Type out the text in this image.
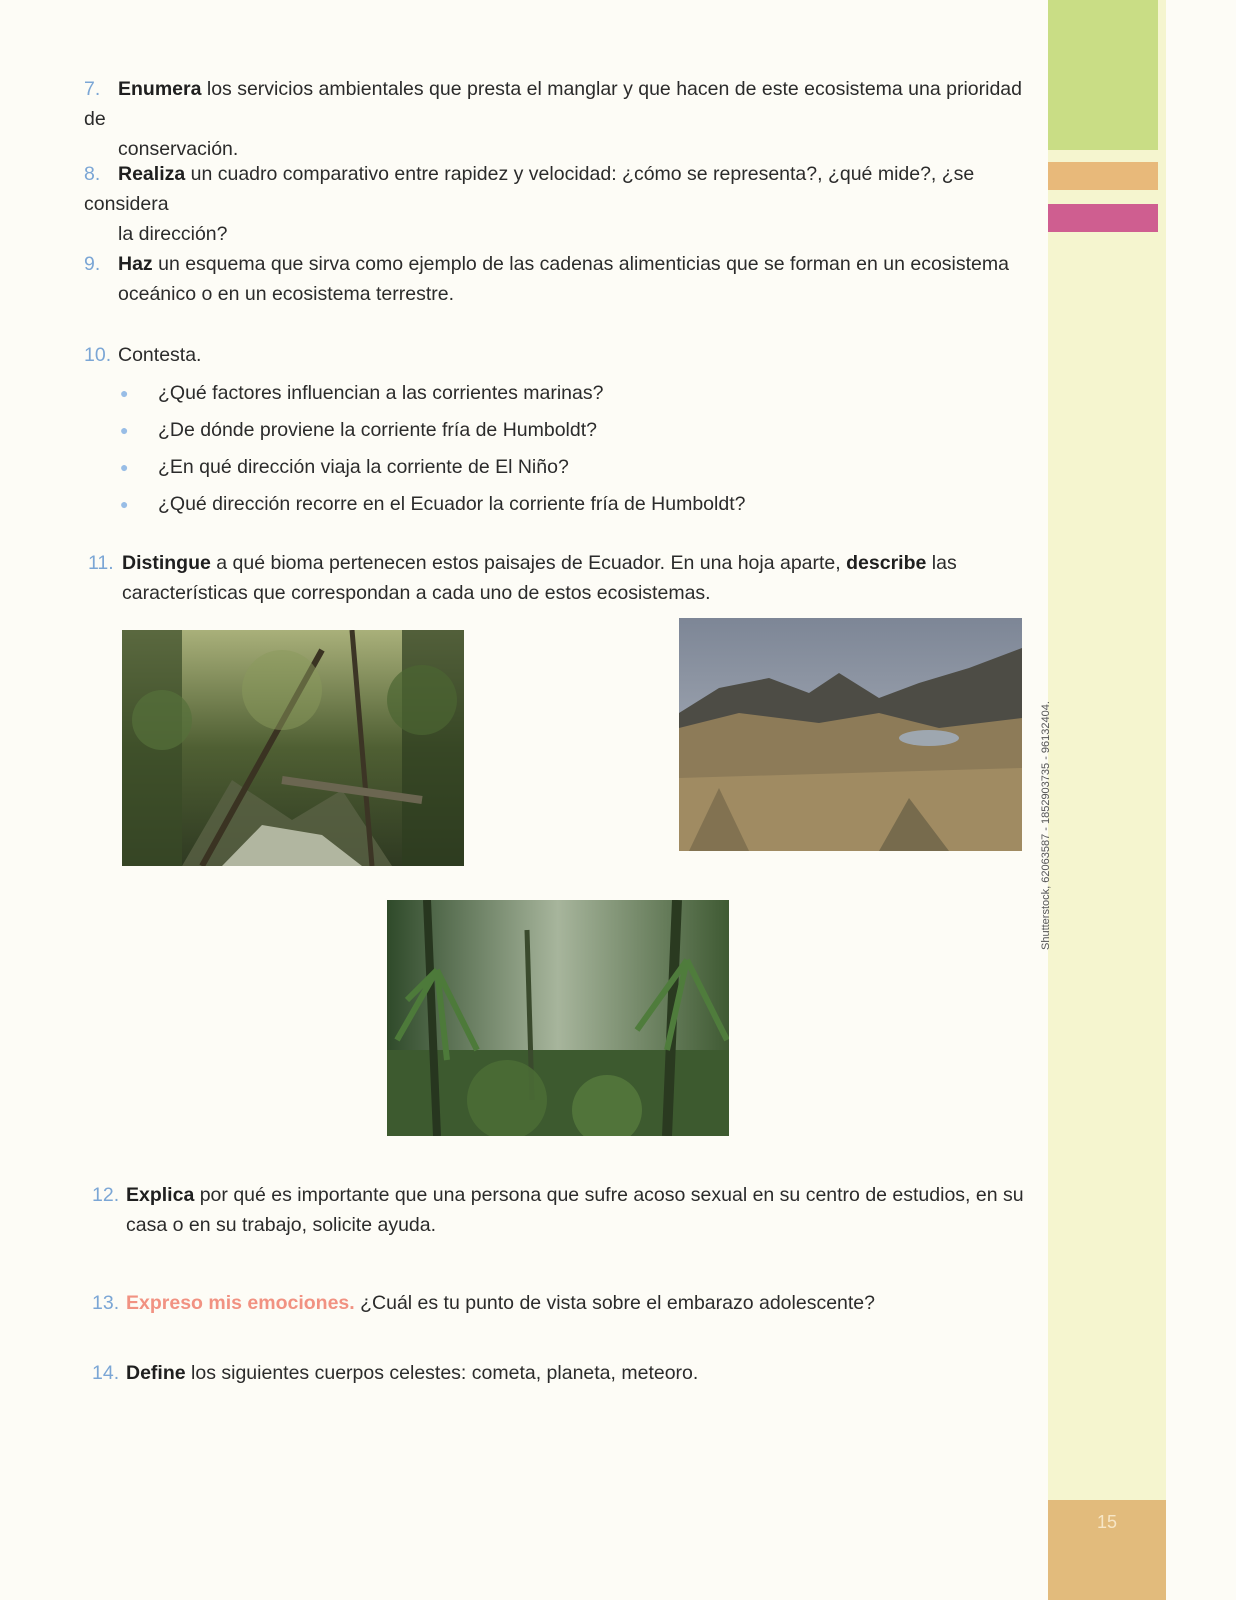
15
7. Enumera los servicios ambientales que presta el manglar y que hacen de este ecosistema una prioridad de
conservación.
8. Realiza un cuadro comparativo entre rapidez y velocidad: ¿cómo se representa?, ¿qué mide?, ¿se considera
la dirección?
9. Haz un esquema que sirva como ejemplo de las cadenas alimenticias que se forman en un ecosistema
oceánico o en un ecosistema terrestre.
10. Contesta.
●	¿Qué factores influencian a las corrientes marinas?
●	¿De dónde proviene la corriente fría de Humboldt?
●	¿En qué dirección viaja la corriente de El Niño?
●	¿Qué dirección recorre en el Ecuador la corriente fría de Humboldt?
11. Distingue a qué bioma pertenecen estos paisajes de Ecuador. En una hoja aparte, describe las
características que correspondan a cada uno de estos ecosistemas.
Shutterstock, 62063587 - 1852903735 - 96132404.
12. Explica por qué es importante que una persona que sufre acoso sexual en su centro de estudios, en su
casa o en su trabajo, solicite ayuda.
13. Expreso mis emociones. ¿Cuál es tu punto de vista sobre el embarazo adolescente?
14. Define los siguientes cuerpos celestes: cometa, planeta, meteoro.
